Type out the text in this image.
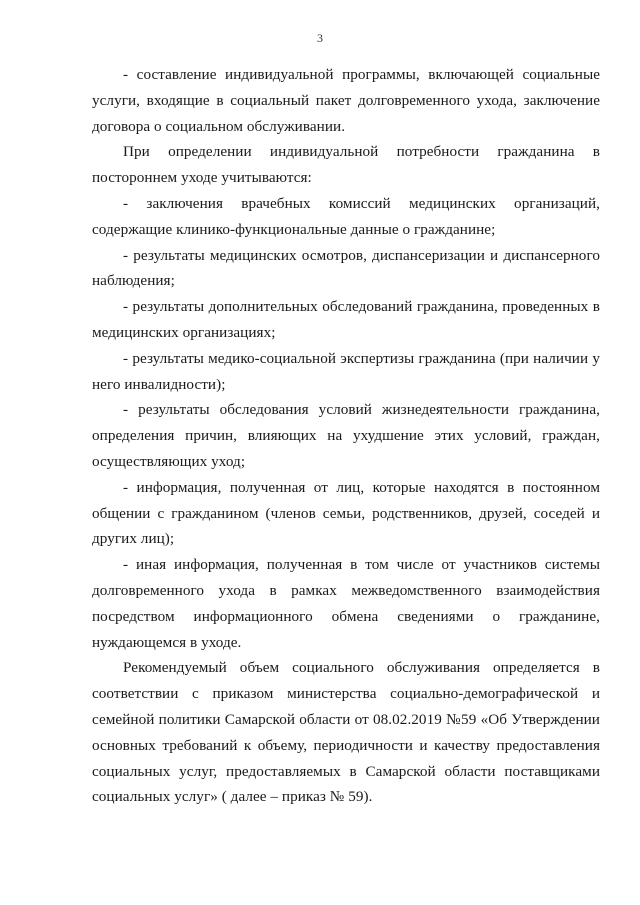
3

- составление индивидуальной программы, включающей социальные услуги, входящие в социальный пакет долговременного ухода, заключение договора о социальном обслуживании.

При определении индивидуальной потребности гражданина в постороннем уходе учитываются:

- заключения врачебных комиссий медицинских организаций, содержащие клинико-функциональные данные о гражданине;

- результаты медицинских осмотров, диспансеризации и диспансерного наблюдения;

- результаты дополнительных обследований гражданина, проведенных в медицинских организациях;

- результаты медико-социальной экспертизы гражданина (при наличии у него инвалидности);

- результаты обследования условий жизнедеятельности гражданина, определения причин, влияющих на ухудшение этих условий, граждан, осуществляющих уход;

- информация, полученная от лиц, которые находятся в постоянном общении с гражданином (членов семьи, родственников, друзей, соседей и других лиц);

- иная информация, полученная в том числе от участников системы долговременного ухода в рамках межведомственного взаимодействия посредством информационного обмена сведениями о гражданине, нуждающемся в уходе.

Рекомендуемый объем социального обслуживания определяется в соответствии с приказом министерства социально-демографической и семейной политики Самарской области от 08.02.2019 №59 «Об Утверждении основных требований к объему, периодичности и качеству предоставления социальных услуг, предоставляемых в Самарской области поставщиками социальных услуг» ( далее – приказ № 59).
